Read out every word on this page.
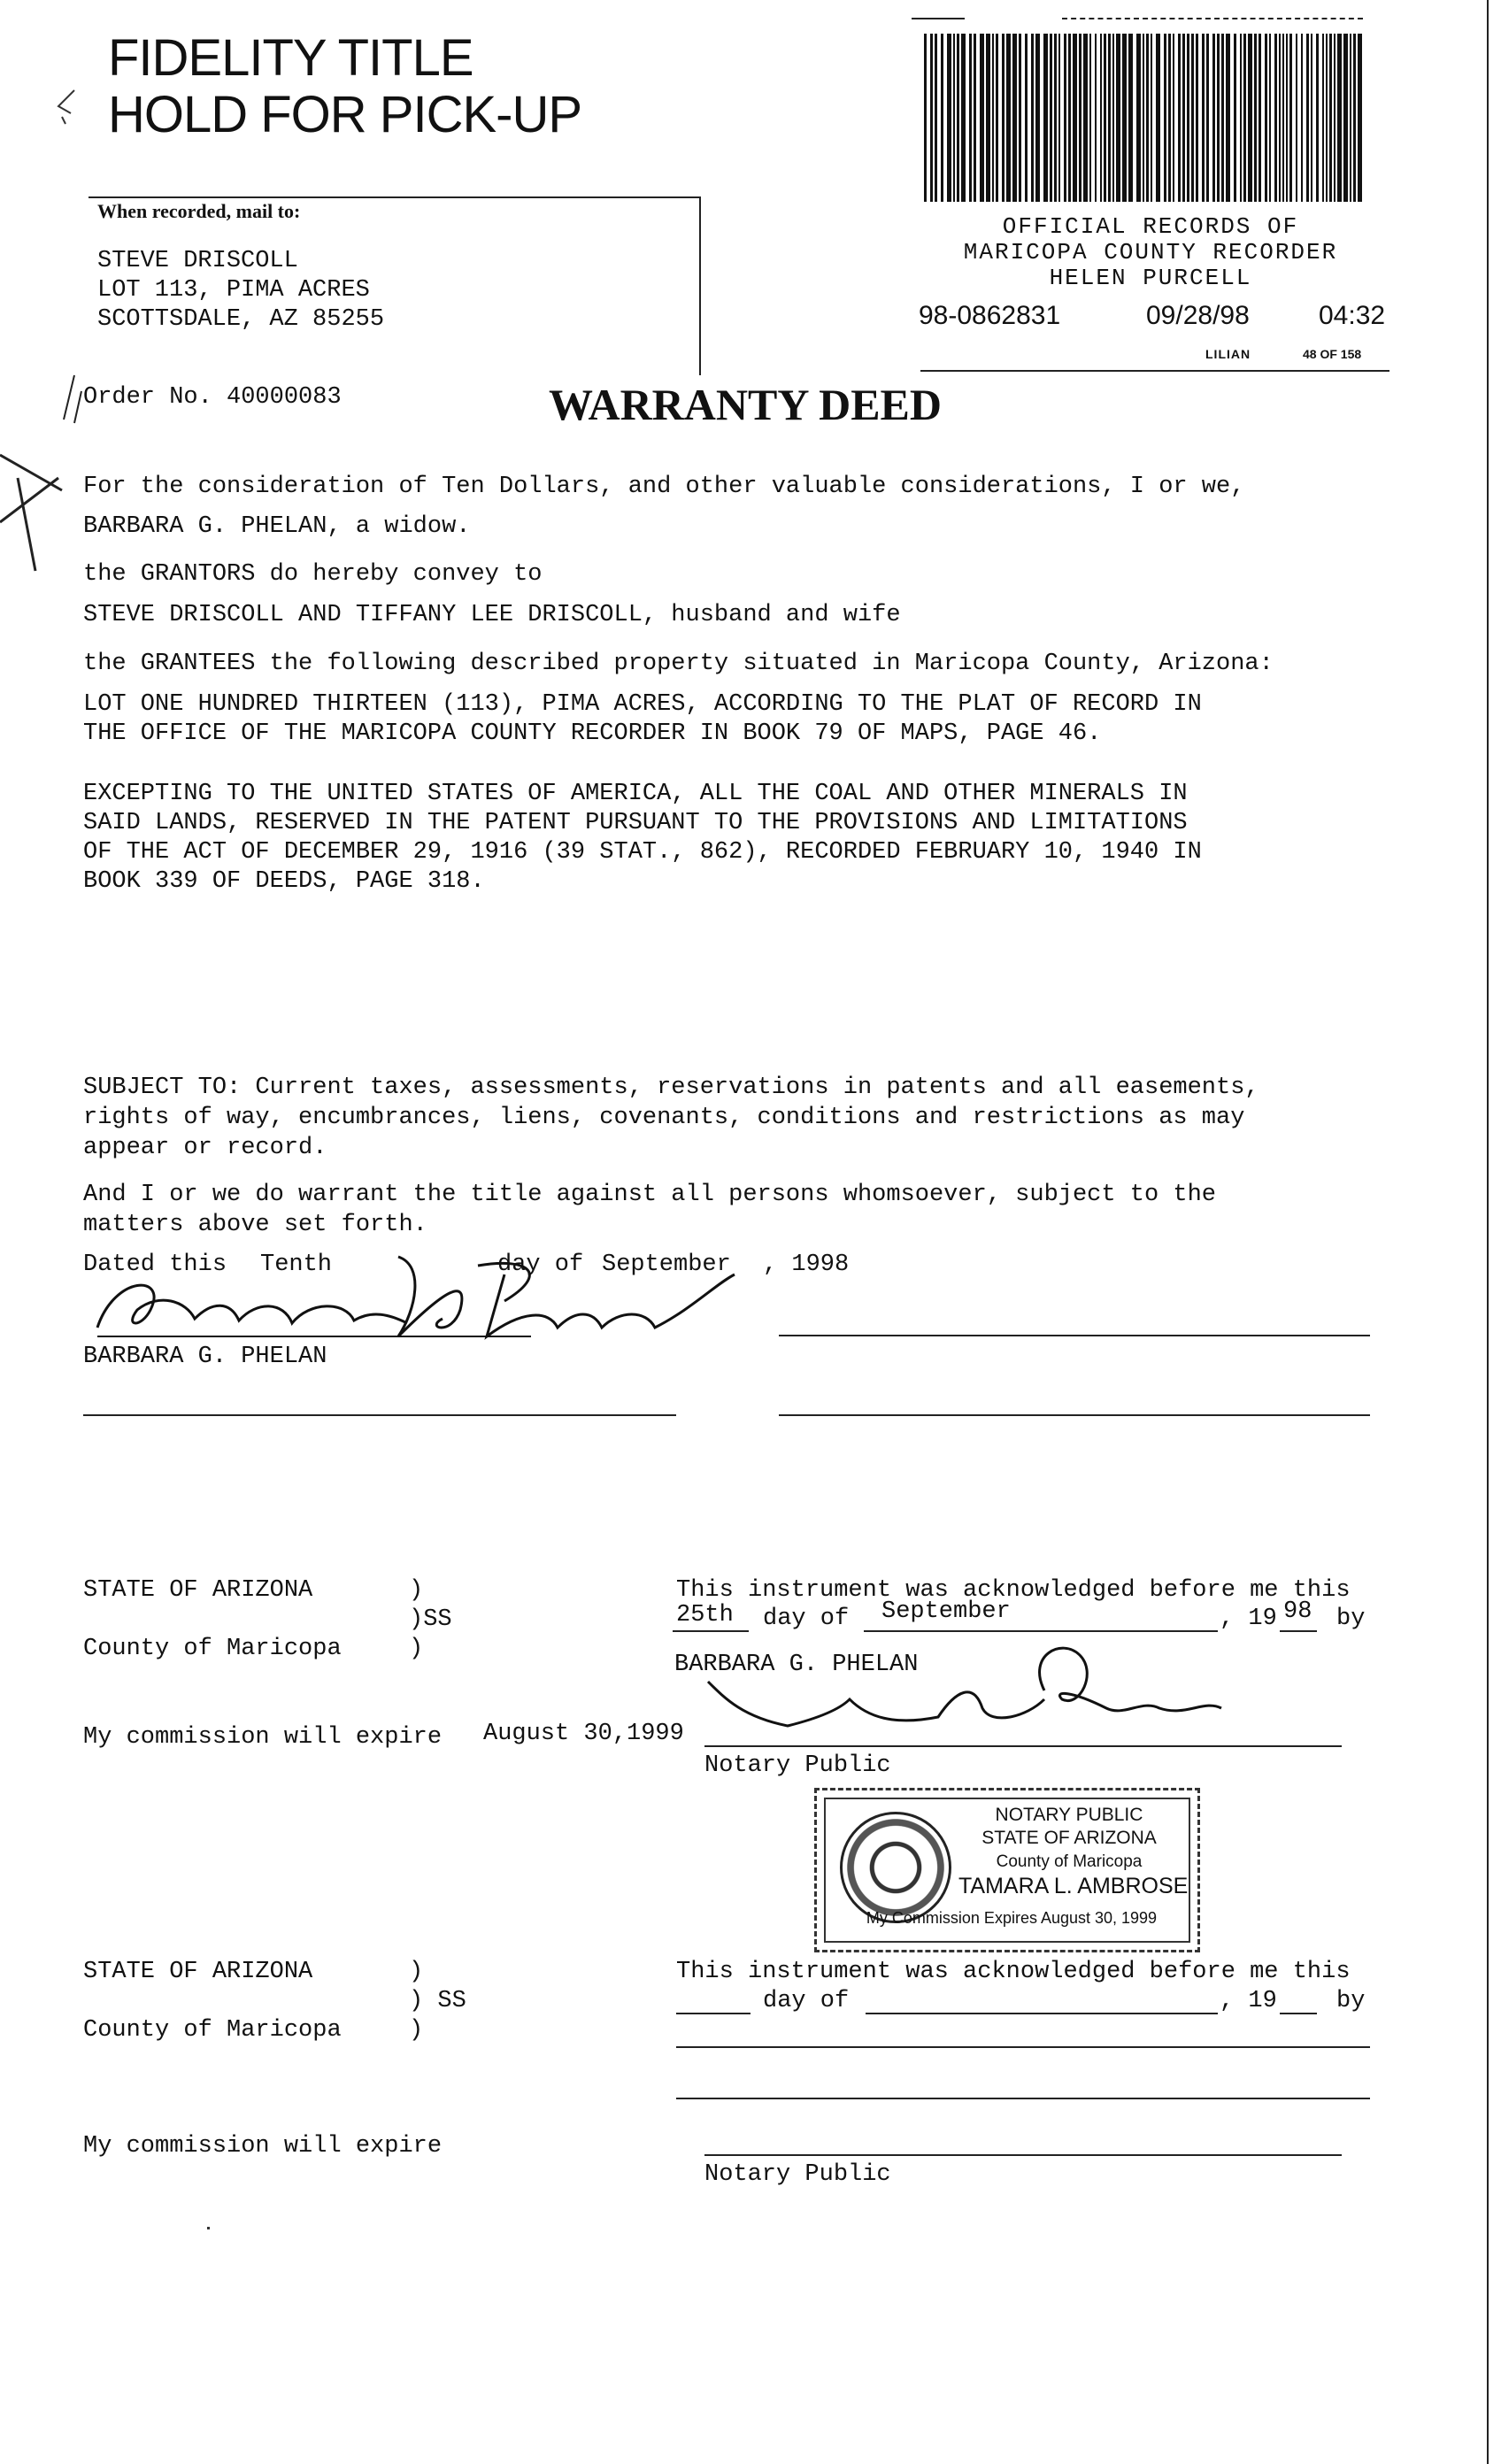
FIDELITY TITLE
HOLD FOR PICK-UP
When recorded, mail to:
STEVE DRISCOLL
LOT 113, PIMA ACRES
SCOTTSDALE, AZ 85255
OFFICIAL RECORDS OF
MARICOPA COUNTY RECORDER
HELEN PURCELL
98-0862831	09/28/98	04:32
LILIAN	48 OF 158
Order No. 40000083	WARRANTY DEED
For the consideration of Ten Dollars, and other valuable considerations, I or we,
BARBARA G. PHELAN, a widow.
the GRANTORS do hereby convey to
STEVE DRISCOLL AND TIFFANY LEE DRISCOLL, husband and wife
the GRANTEES the following described property situated in Maricopa County, Arizona:
LOT ONE HUNDRED THIRTEEN (113), PIMA ACRES, ACCORDING TO THE PLAT OF RECORD IN
THE OFFICE OF THE MARICOPA COUNTY RECORDER IN BOOK 79 OF MAPS, PAGE 46.
EXCEPTING TO THE UNITED STATES OF AMERICA, ALL THE COAL AND OTHER MINERALS IN
SAID LANDS, RESERVED IN THE PATENT PURSUANT TO THE PROVISIONS AND LIMITATIONS
OF THE ACT OF DECEMBER 29, 1916 (39 STAT., 862), RECORDED FEBRUARY 10, 1940 IN
BOOK 339 OF DEEDS, PAGE 318.
SUBJECT TO: Current taxes, assessments, reservations in patents and all easements,
rights of way, encumbrances, liens, covenants, conditions and restrictions as may
appear or record.
And I or we do warrant the title against all persons whomsoever, subject to the
matters above set forth.
Dated this Tenth	day of September , 1998
BARBARA G. PHELAN
STATE OF ARIZONA	)
)SS
County of Maricopa	)
This instrument was acknowledged before me this
25th day of September	, 19 98 by
BARBARA G. PHELAN
My commission will expire August 30,1999
Notary Public
NOTARY PUBLIC
STATE OF ARIZONA
County of Maricopa
TAMARA L. AMBROSE
My Commission Expires August 30, 1999
STATE OF ARIZONA	)
) SS
County of Maricopa	)
This instrument was acknowledged before me this
day of	, 19 by
My commission will expire
Notary Public
